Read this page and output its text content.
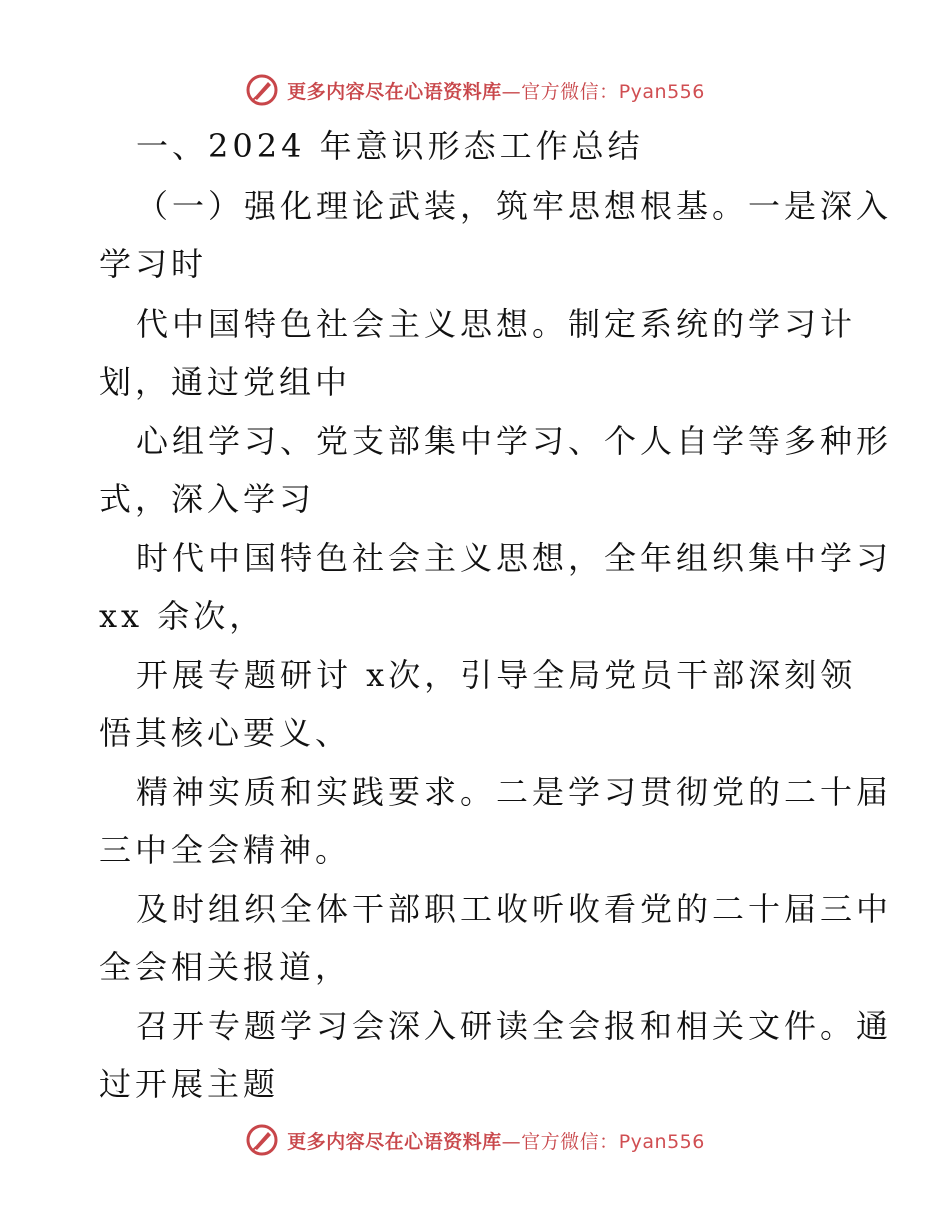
更多内容尽在心语资料库—官方微信：Pyan556
一、2024 年意识形态工作总结
（一）强化理论武装，筑牢思想根基。一是深入
学习时
代中国特色社会主义思想。制定系统的学习计
划，通过党组中
心组学习、党支部集中学习、个人自学等多种形
式，深入学习
时代中国特色社会主义思想，全年组织集中学习
xx 余次，
开展专题研讨 x次，引导全局党员干部深刻领
悟其核心要义、
精神实质和实践要求。二是学习贯彻党的二十届
三中全会精神。
及时组织全体干部职工收听收看党的二十届三中
全会相关报道，
召开专题学习会深入研读全会报和相关文件。通
过开展主题
更多内容尽在心语资料库—官方微信：Pyan556
